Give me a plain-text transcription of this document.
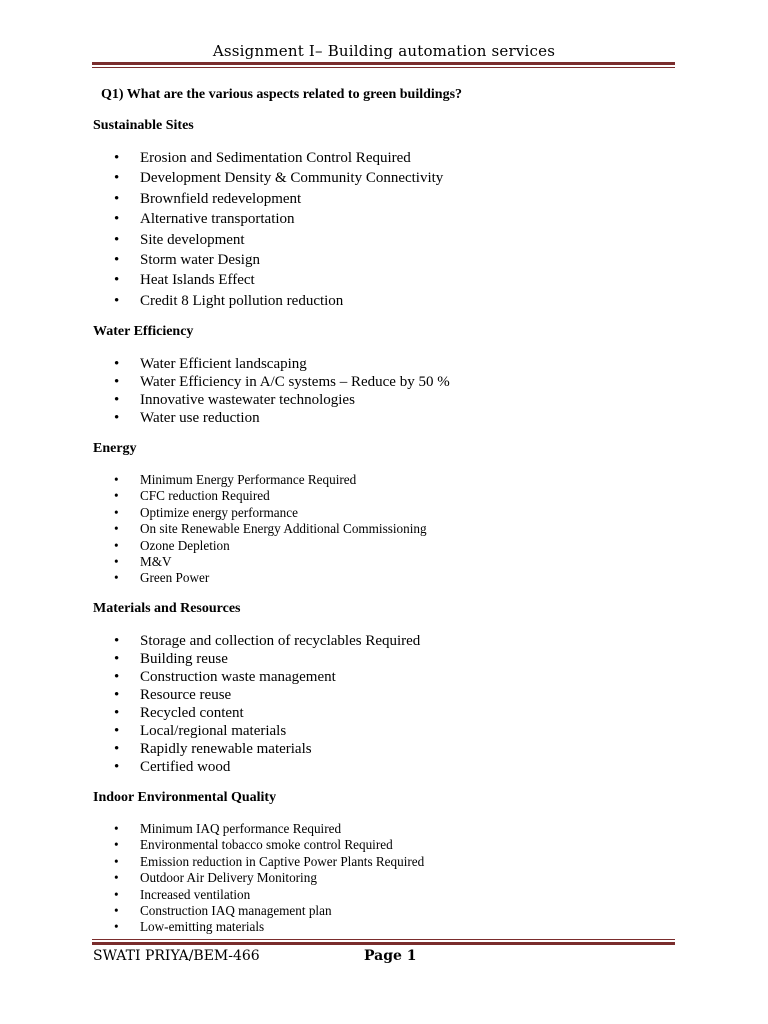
Assignment I– Building automation services
Q1) What are the various aspects related to green buildings?
Sustainable Sites
• Erosion and Sedimentation Control Required
• Development Density & Community Connectivity
• Brownfield redevelopment
• Alternative transportation
• Site development
• Storm water Design
• Heat Islands Effect
• Credit 8 Light pollution reduction
Water Efficiency
• Water Efficient landscaping
• Water Efficiency in A/C systems – Reduce by 50 %
• Innovative wastewater technologies
• Water use reduction
Energy
• Minimum Energy Performance Required
• CFC reduction Required
• Optimize energy performance
• On site Renewable Energy Additional Commissioning
• Ozone Depletion
• M&V
• Green Power
Materials and Resources
• Storage and collection of recyclables Required
• Building reuse
• Construction waste management
• Resource reuse
• Recycled content
• Local/regional materials
• Rapidly renewable materials
• Certified wood
Indoor Environmental Quality
• Minimum IAQ performance Required
• Environmental tobacco smoke control Required
• Emission reduction in Captive Power Plants Required
• Outdoor Air Delivery Monitoring
• Increased ventilation
• Construction IAQ management plan
• Low-emitting materials
SWATI PRIYA/BEM-466	Page 1
